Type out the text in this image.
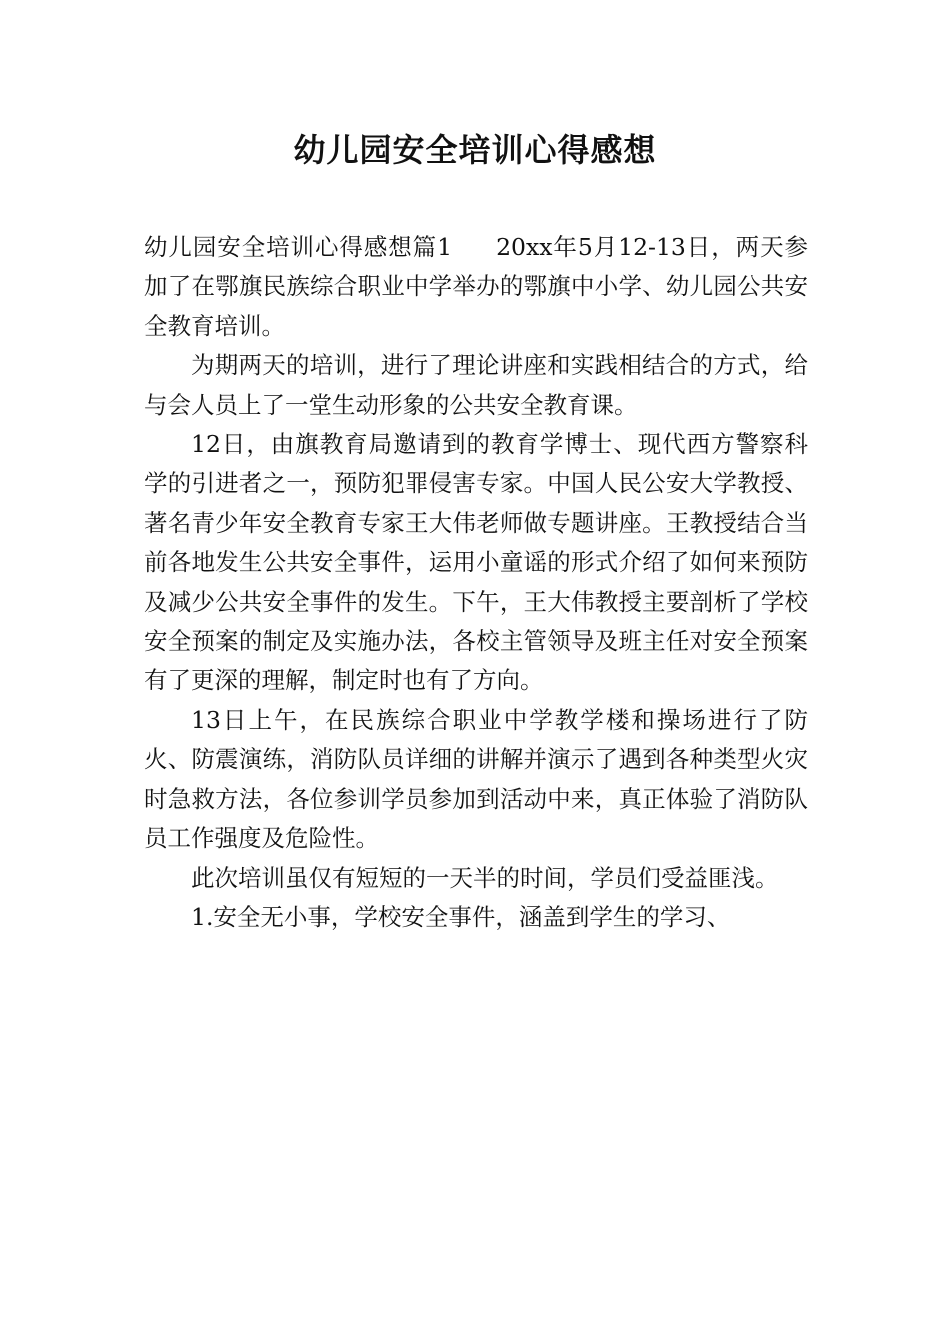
幼儿园安全培训心得感想

幼儿园安全培训心得感想篇1 20xx年5月12-13日，两天参加了在鄂旗民族综合职业中学举办的鄂旗中小学、幼儿园公共安全教育培训。

为期两天的培训，进行了理论讲座和实践相结合的方式，给与会人员上了一堂生动形象的公共安全教育课。

12日，由旗教育局邀请到的教育学博士、现代西方警察科学的引进者之一，预防犯罪侵害专家。中国人民公安大学教授、著名青少年安全教育专家王大伟老师做专题讲座。王教授结合当前各地发生公共安全事件，运用小童谣的形式介绍了如何来预防及减少公共安全事件的发生。下午，王大伟教授主要剖析了学校安全预案的制定及实施办法，各校主管领导及班主任对安全预案有了更深的理解，制定时也有了方向。

13日上午，在民族综合职业中学教学楼和操场进行了防火、防震演练，消防队员详细的讲解并演示了遇到各种类型火灾时急救方法，各位参训学员参加到活动中来，真正体验了消防队员工作强度及危险性。

此次培训虽仅有短短的一天半的时间，学员们受益匪浅。

1.安全无小事，学校安全事件，涵盖到学生的学习、
